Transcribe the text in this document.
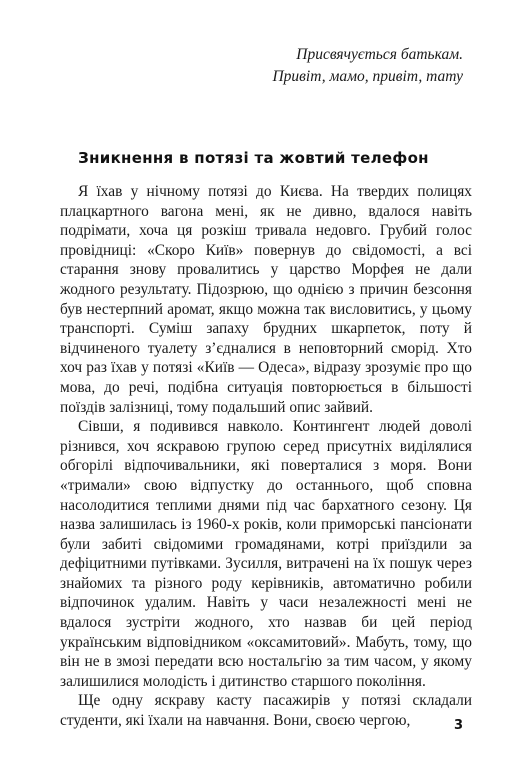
Присвячується батькам.
Привіт, мамо, привіт, тату
Зникнення в потязі та жовтий телефон

Я їхав у нічному потязі до Києва. На твердих полицях плацкартного вагона мені, як не дивно, вдалося навіть подрімати, хоча ця розкіш тривала недовго. Грубий голос провідниці: «Скоро Київ» повернув до свідомості, а всі старання знову провалитись у царство Морфея не дали жодного результату. Підозрюю, що однією з причин безсоння був нестерпний аромат, якщо можна так висловитись, у цьому транспорті. Суміш запаху брудних шкарпеток, поту й відчиненого туалету з’єдналися в неповторний сморід. Хто хоч раз їхав у потязі «Київ — Одеса», відразу зрозуміє про що мова, до речі, подібна ситуація повторюється в більшості поїздів залізниці, тому подальший опис зайвий.

Сівши, я подивився навколо. Контингент людей доволі різнився, хоч яскравою групою серед присутніх виділялися обгорілі відпочивальники, які поверталися з моря. Вони «тримали» свою відпустку до останнього, щоб сповна насолодитися теплими днями під час бархатного сезону. Ця назва залишилась із 1960-х років, коли приморські пансіонати були забиті свідомими громадянами, котрі приїздили за дефіцитними путівками. Зусилля, витрачені на їх пошук через знайомих та різного роду керівників, автоматично робили відпочинок удалим. Навіть у часи незалежності мені не вдалося зустріти жодного, хто назвав би цей період українським відповідником «оксамитовий». Мабуть, тому, що він не в змозі передати всю ностальгію за тим часом, у якому залишилися молодість і дитинство старшого покоління.

Ще одну яскраву касту пасажирів у потязі складали студенти, які їхали на навчання. Вони, своєю чергою,	3
